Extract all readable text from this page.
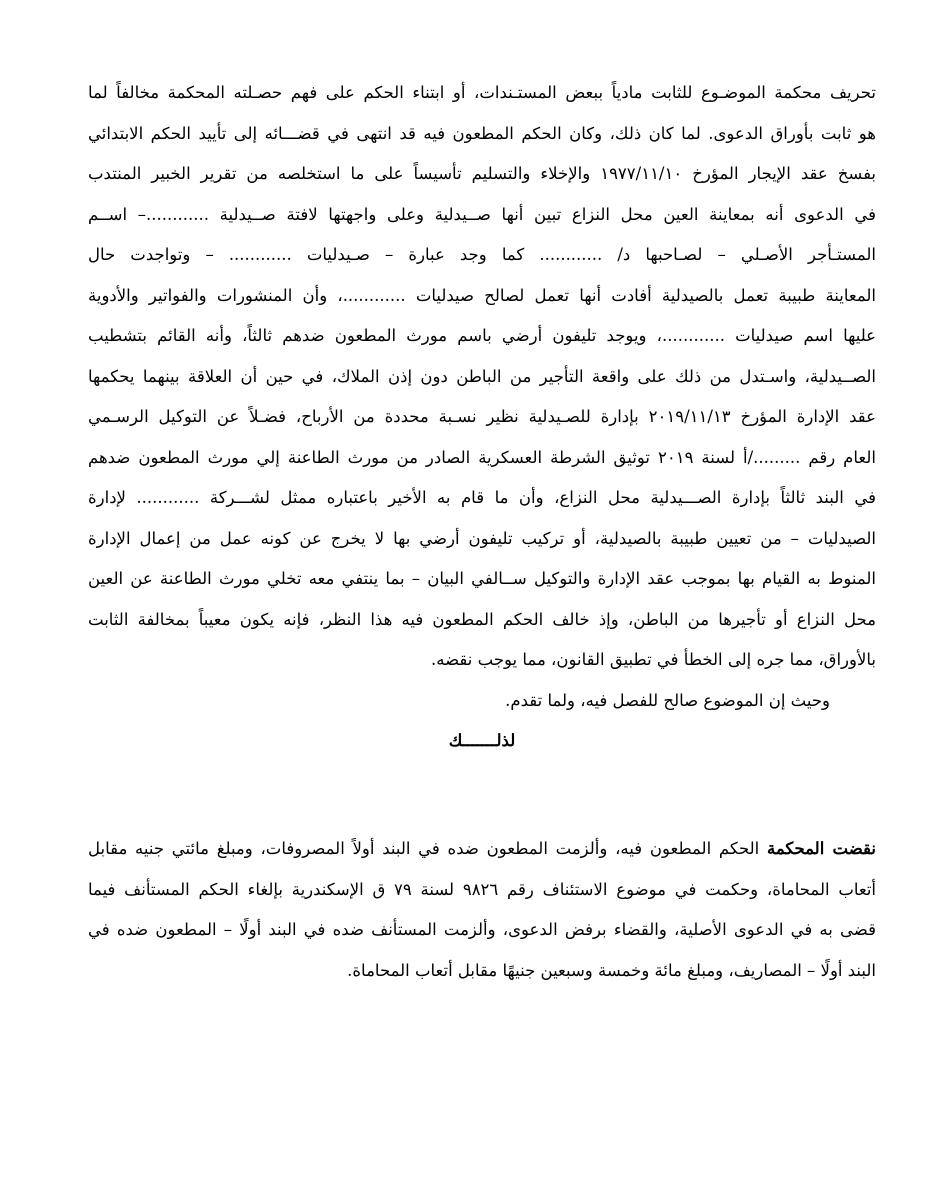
تحريف محكمة الموضـوع للثابت مادياً ببعض المستـندات، أو ابتناء الحكم على فهم حصـلته المحكمة مخالفاً لما
هو ثابت بأوراق الدعوى. لما كان ذلك، وكان الحكم المطعون فيه قد انتهى في قضـــائه إلى تأييد الحكم الابتدائي
بفسخ عقد الإيجار المؤرخ ١٩٧٧/١١/١٠ والإخلاء والتسليم تأسيساً على ما استخلصه من تقرير الخبير المنتدب
في الدعوى أنه بمعاينة العين محل النزاع تبين أنها صــيدلية وعلى واجهتها لافتة صــيدلية ............– اســم
المستـأجر الأصـلي – لصـاحبها د/ ............ كما وجد عبارة – صـيدليات ............ – وتواجدت حال
المعاينة طبيبة تعمل بالصيدلية أفادت أنها تعمل لصالح صيدليات ............، وأن المنشورات والفواتير والأدوية
عليها اسم صيدليات ............، ويوجد تليفون أرضي باسم مورث المطعون ضدهم ثالثاً، وأنه القائم بتشطيب
الصــيدلية، واسـتدل من ذلك على واقعة التأجير من الباطن دون إذن الملاك، في حين أن العلاقة بينهما يحكمها
عقد الإدارة المؤرخ ٢٠١٩/١١/١٣ بإدارة للصـيدلية نظير نسـبة محددة من الأرباح، فضـلاً عن التوكيل الرسـمي
العام رقم ........./أ لسنة ٢٠١٩ توثيق الشرطة العسكرية الصادر من مورث الطاعنة إلي مورث المطعون ضدهم
في البند ثالثاً بإدارة الصـــيدلية محل النزاع، وأن ما قام به الأخير باعتباره ممثل لشـــركة ............ لإدارة
الصيدليات – من تعيين طبيبة بالصيدلية، أو تركيب تليفون أرضي بها لا يخرج عن كونه عمل من إعمال الإدارة
المنوط به القيام بها بموجب عقد الإدارة والتوكيل ســالفي البيان – بما ينتفي معه تخلي مورث الطاعنة عن العين
محل النزاع أو تأجيرها من الباطن، وإذ خالف الحكم المطعون فيه هذا النظر، فإنه يكون معيباً بمخالفة الثابت
بالأوراق، مما جره إلى الخطأ في تطبيق القانون، مما يوجب نقضه.
وحيث إن الموضوع صالح للفصل فيه، ولما تقدم.
لذلـــــــك
نقضت المحكمة الحكم المطعون فيه، وألزمت المطعون ضده في البند أولاً المصروفات، ومبلغ مائتي جنيه مقابل
أتعاب المحاماة، وحكمت في موضوع الاستئناف رقم ٩٨٢٦ لسنة ٧٩ ق الإسكندرية بإلغاء الحكم المستأنف فيما
قضى به في الدعوى الأصلية، والقضاء برفض الدعوى، وألزمت المستأنف ضده في البند أولًا – المطعون ضده في
البند أولًا – المصاريف، ومبلغ مائة وخمسة وسبعين جنيهًا مقابل أتعاب المحاماة.
